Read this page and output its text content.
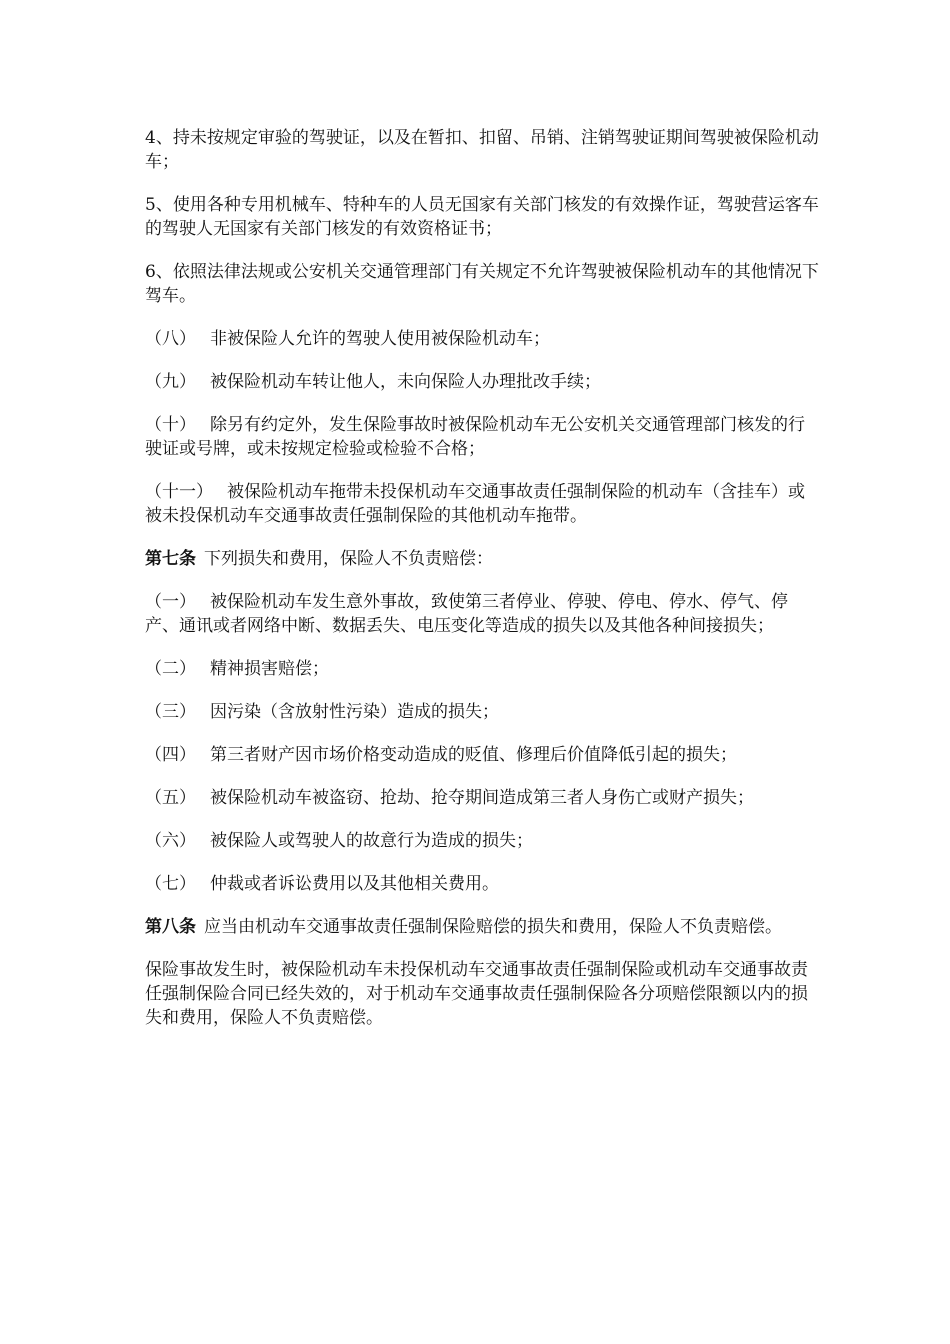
4、持未按规定审验的驾驶证，以及在暂扣、扣留、吊销、注销驾驶证期间驾驶被保险机动车；

5、使用各种专用机械车、特种车的人员无国家有关部门核发的有效操作证，驾驶营运客车的驾驶人无国家有关部门核发的有效资格证书；

6、依照法律法规或公安机关交通管理部门有关规定不允许驾驶被保险机动车的其他情况下驾车。

（八） 非被保险人允许的驾驶人使用被保险机动车；

（九） 被保险机动车转让他人，未向保险人办理批改手续；

（十） 除另有约定外，发生保险事故时被保险机动车无公安机关交通管理部门核发的行驶证或号牌，或未按规定检验或检验不合格；

（十一） 被保险机动车拖带未投保机动车交通事故责任强制保险的机动车（含挂车）或被未投保机动车交通事故责任强制保险的其他机动车拖带。

第七条 下列损失和费用，保险人不负责赔偿：

（一） 被保险机动车发生意外事故，致使第三者停业、停驶、停电、停水、停气、停产、通讯或者网络中断、数据丢失、电压变化等造成的损失以及其他各种间接损失；

（二） 精神损害赔偿；

（三） 因污染（含放射性污染）造成的损失；

（四） 第三者财产因市场价格变动造成的贬值、修理后价值降低引起的损失；

（五） 被保险机动车被盗窃、抢劫、抢夺期间造成第三者人身伤亡或财产损失；

（六） 被保险人或驾驶人的故意行为造成的损失；

（七） 仲裁或者诉讼费用以及其他相关费用。

第八条 应当由机动车交通事故责任强制保险赔偿的损失和费用，保险人不负责赔偿。

保险事故发生时，被保险机动车未投保机动车交通事故责任强制保险或机动车交通事故责任强制保险合同已经失效的，对于机动车交通事故责任强制保险各分项赔偿限额以内的损失和费用，保险人不负责赔偿。
